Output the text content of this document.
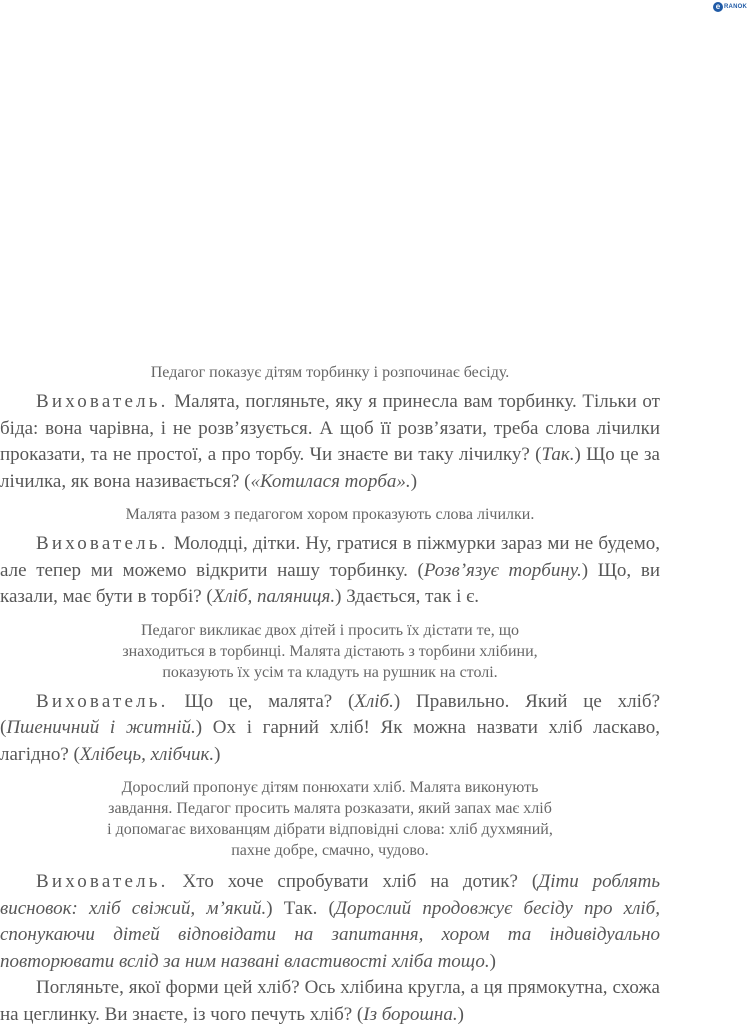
e RANOK

Педагог показує дітям торбинку і розпочинає бесіду.

Вихователь. Малята, погляньте, яку я принесла вам торбинку. Тільки от біда: вона чарівна, і не розв’язується. А щоб її розв’язати, треба слова лічилки проказати, та не простої, а про торбу. Чи знаєте ви таку лічилку? (Так.) Що це за лічилка, як вона називається? («Котилася торба».)

Малята разом з педагогом хором проказують слова лічилки.

Вихователь. Молодці, дітки. Ну, гратися в піжмурки зараз ми не будемо, але тепер ми можемо відкрити нашу торбинку. (Розв’язує торбину.) Що, ви казали, має бути в торбі? (Хліб, паляниця.) Здається, так і є.

Педагог викликає двох дітей і просить їх дістати те, що
знаходиться в торбинці. Малята дістають з торбини хлібини,
показують їх усім та кладуть на рушник на столі.

Вихователь. Що це, малята? (Хліб.) Правильно. Який це хліб? (Пшеничний і житній.) Ох і гарний хліб! Як можна назвати хліб ласкаво, лагідно? (Хлібець, хлібчик.)

Дорослий пропонує дітям понюхати хліб. Малята виконують
завдання. Педагог просить малята розказати, який запах має хліб
і допомагає вихованцям дібрати відповідні слова: хліб духмяний,
пахне добре, смачно, чудово.

Вихователь. Хто хоче спробувати хліб на дотик? (Діти роблять висновок: хліб свіжий, м’який.) Так. (Дорослий продовжує бесіду про хліб, спонукаючи дітей відповідати на запитання, хором та індивідуально повторювати вслід за ним названі властивості хліба тощо.)

Погляньте, якої форми цей хліб? Ось хлібина кругла, а ця прямокутна, схожа на цеглинку. Ви знаєте, із чого печуть хліб? (Із борошна.)
